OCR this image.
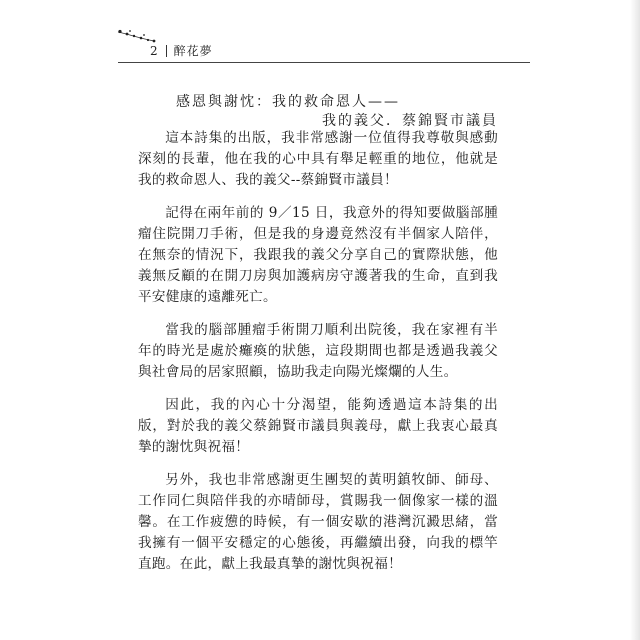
2 醉花夢
感恩與謝忱：我的救命恩人——
我的義父．蔡錦賢市議員

這本詩集的出版，我非常感謝一位值得我尊敬與感動深刻的長輩，他在我的心中具有舉足輕重的地位，他就是我的救命恩人、我的義父--蔡錦賢市議員！

記得在兩年前的 9／15 日，我意外的得知要做腦部腫瘤住院開刀手術，但是我的身邊竟然沒有半個家人陪伴，在無奈的情況下，我跟我的義父分享自己的實際狀態，他義無反顧的在開刀房與加護病房守護著我的生命，直到我平安健康的遠離死亡。

當我的腦部腫瘤手術開刀順利出院後，我在家裡有半年的時光是處於癱瘓的狀態，這段期間也都是透過我義父與社會局的居家照顧，協助我走向陽光燦爛的人生。

因此，我的內心十分渴望，能夠透過這本詩集的出版，對於我的義父蔡錦賢市議員與義母，獻上我衷心最真摯的謝忱與祝福！

另外，我也非常感謝更生團契的黃明鎮牧師、師母、工作同仁與陪伴我的亦晴師母，賞賜我一個像家一樣的溫馨。在工作疲憊的時候，有一個安歇的港灣沉澱思緒，當我擁有一個平安穩定的心態後，再繼續出發，向我的標竿直跑。在此，獻上我最真摯的謝忱與祝福！
